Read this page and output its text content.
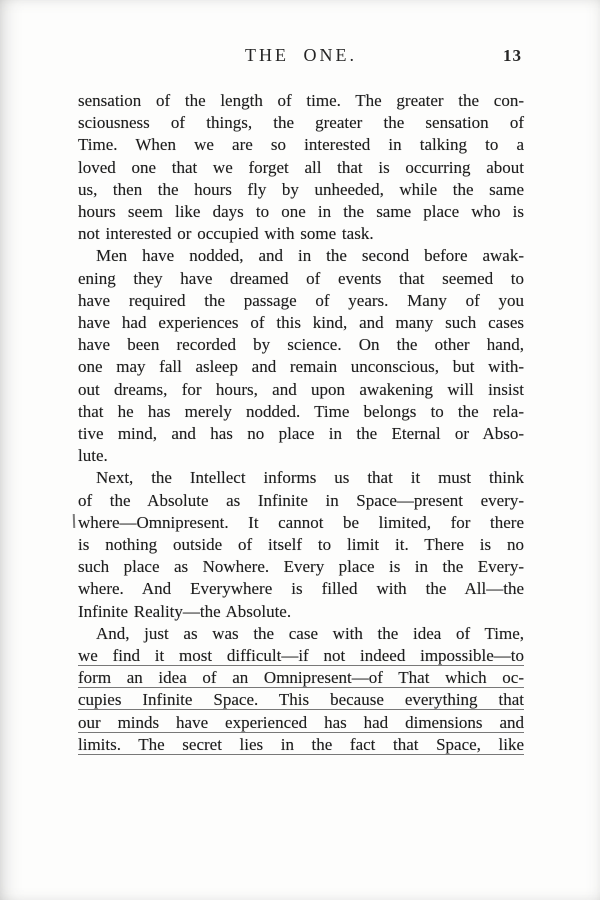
THE ONE.	13
sensation of the length of time. The greater the con-
sciousness of things, the greater the sensation of
Time. When we are so interested in talking to a
loved one that we forget all that is occurring about
us, then the hours fly by unheeded, while the same
hours seem like days to one in the same place who is
not interested or occupied with some task.
Men have nodded, and in the second before awak-
ening they have dreamed of events that seemed to
have required the passage of years. Many of you
have had experiences of this kind, and many such cases
have been recorded by science. On the other hand,
one may fall asleep and remain unconscious, but with-
out dreams, for hours, and upon awakening will insist
that he has merely nodded. Time belongs to the rela-
tive mind, and has no place in the Eternal or Abso-
lute.
Next, the Intellect informs us that it must think
of the Absolute as Infinite in Space—present every-
where—Omnipresent. It cannot be limited, for there
is nothing outside of itself to limit it. There is no
such place as Nowhere. Every place is in the Every-
where. And Everywhere is filled with the All—the
Infinite Reality—the Absolute.
And, just as was the case with the idea of Time,
we find it most difficult—if not indeed impossible—to
form an idea of an Omnipresent—of That which oc-
cupies Infinite Space. This because everything that
our minds have experienced has had dimensions and
limits. The secret lies in the fact that Space, like
